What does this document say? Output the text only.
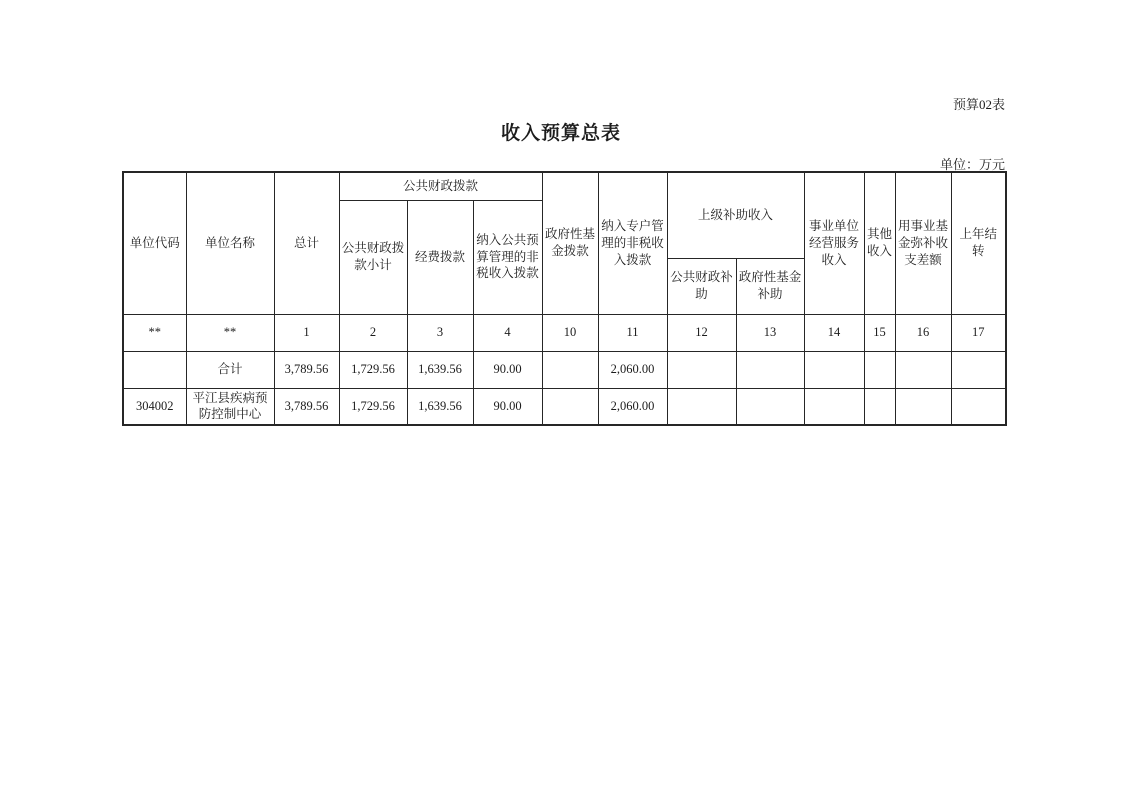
预算02表
收入预算总表
单位：万元
单位代码	单位名称	总计	公共财政拨款			政府性基金拨款	纳入专户管理的非税收入拨款	上级补助收入		事业单位经营服务收入	其他收入	用事业基金弥补收支差额	上年结转
			公共财政拨款小计	经费拨款	纳入公共预算管理的非税收入拨款								
								公共财政补助	政府性基金补助				
**	**	1	2	3	4	10	11	12	13	14	15	16	17
	合计	3,789.56	1,729.56	1,639.56	90.00		2,060.00						
304002	平江县疾病预防控制中心	3,789.56	1,729.56	1,639.56	90.00		2,060.00						
